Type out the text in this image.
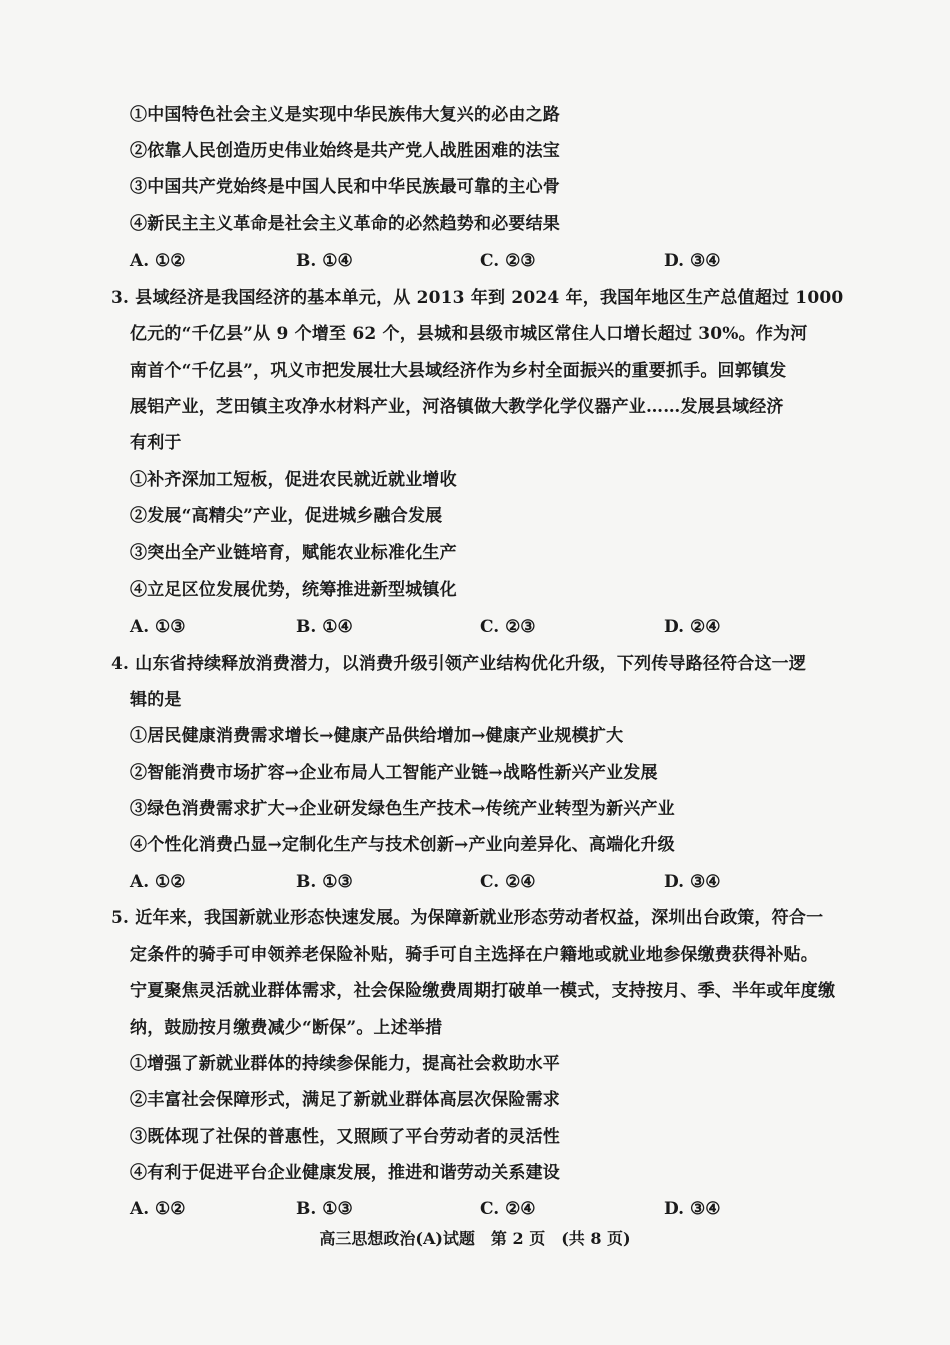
①中国特色社会主义是实现中华民族伟大复兴的必由之路
②依靠人民创造历史伟业始终是共产党人战胜困难的法宝
③中国共产党始终是中国人民和中华民族最可靠的主心骨
④新民主主义革命是社会主义革命的必然趋势和必要结果
A. ①②	B. ①④	C. ②③	D. ③④
3. 县域经济是我国经济的基本单元，从 2013 年到 2024 年，我国年地区生产总值超过 1000
亿元的“千亿县”从 9 个增至 62 个，县城和县级市城区常住人口增长超过 30%。作为河
南首个“千亿县”，巩义市把发展壮大县域经济作为乡村全面振兴的重要抓手。回郭镇发
展铝产业，芝田镇主攻净水材料产业，河洛镇做大教学化学仪器产业……发展县域经济
有利于
①补齐深加工短板，促进农民就近就业增收
②发展“高精尖”产业，促进城乡融合发展
③突出全产业链培育，赋能农业标准化生产
④立足区位发展优势，统筹推进新型城镇化
A. ①③	B. ①④	C. ②③	D. ②④
4. 山东省持续释放消费潜力，以消费升级引领产业结构优化升级，下列传导路径符合这一逻
辑的是
①居民健康消费需求增长→健康产品供给增加→健康产业规模扩大
②智能消费市场扩容→企业布局人工智能产业链→战略性新兴产业发展
③绿色消费需求扩大→企业研发绿色生产技术→传统产业转型为新兴产业
④个性化消费凸显→定制化生产与技术创新→产业向差异化、高端化升级
A. ①②	B. ①③	C. ②④	D. ③④
5. 近年来，我国新就业形态快速发展。为保障新就业形态劳动者权益，深圳出台政策，符合一
定条件的骑手可申领养老保险补贴，骑手可自主选择在户籍地或就业地参保缴费获得补贴。
宁夏聚焦灵活就业群体需求，社会保险缴费周期打破单一模式，支持按月、季、半年或年度缴
纳，鼓励按月缴费减少“断保”。上述举措
①增强了新就业群体的持续参保能力，提高社会救助水平
②丰富社会保障形式，满足了新就业群体高层次保险需求
③既体现了社保的普惠性，又照顾了平台劳动者的灵活性
④有利于促进平台企业健康发展，推进和谐劳动关系建设
A. ①②	B. ①③	C. ②④	D. ③④
高三思想政治(A)试题　第 2 页　(共 8 页)
